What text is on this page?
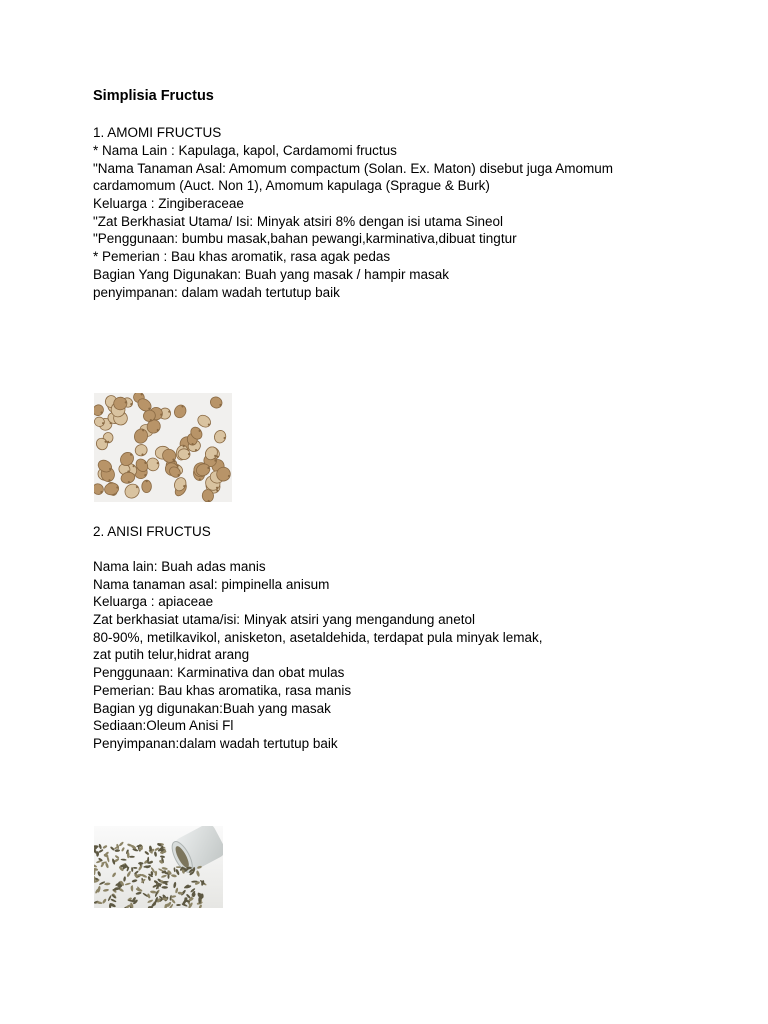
Simplisia Fructus
1. AMOMI FRUCTUS
* Nama Lain : Kapulaga, kapol, Cardamomi fructus
"Nama Tanaman Asal: Amomum compactum (Solan. Ex. Maton) disebut juga Amomum
cardamomum (Auct. Non 1), Amomum kapulaga (Sprague & Burk)
Keluarga : Zingiberaceae
"Zat Berkhasiat Utama/ Isi: Minyak atsiri 8% dengan isi utama Sineol
"Penggunaan: bumbu masak,bahan pewangi,karminativa,dibuat tingtur
* Pemerian : Bau khas aromatik, rasa agak pedas
Bagian Yang Digunakan: Buah yang masak / hampir masak
penyimpanan: dalam wadah tertutup baik
2. ANISI FRUCTUS
Nama lain: Buah adas manis
Nama tanaman asal: pimpinella anisum
Keluarga : apiaceae
Zat berkhasiat utama/isi: Minyak atsiri yang mengandung anetol
80-90%, metilkavikol, anisketon, asetaldehida, terdapat pula minyak lemak,
zat putih telur,hidrat arang
Penggunaan: Karminativa dan obat mulas
Pemerian: Bau khas aromatika, rasa manis
Bagian yg digunakan:Buah yang masak
Sediaan:Oleum Anisi Fl
Penyimpanan:dalam wadah tertutup baik
